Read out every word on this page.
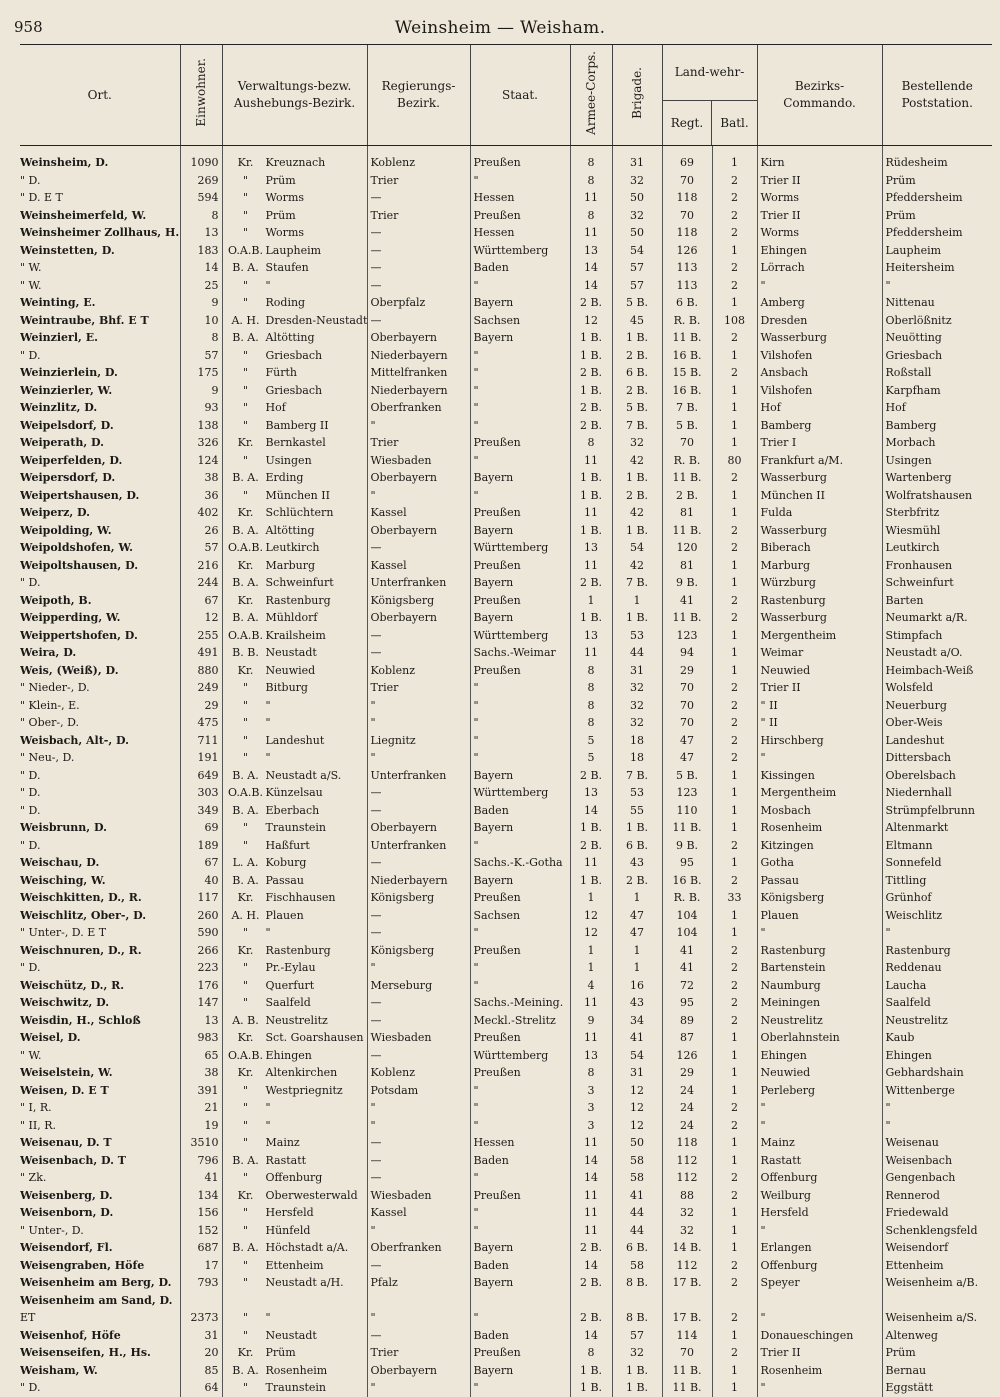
958	Weinsheim — Weisham.
Ort.	Einwohner.	Verwaltungs-bezw. Aushebungs-Bezirk.	Regierungs-Bezirk.	Staat.	Armee-Corps.	Brigade.	Land-wehr-
Regt. Batl.		Bezirks-Commando.	Bestellende Poststation.
Weinsheim, D.	1090	Kr. Kreuznach	Koblenz	Preußen	8	31	69	1	Kirn	Rüdesheim
" D.	269	" Prüm	Trier	"	8	32	70	2	Trier II	Prüm
" D. E T	594	" Worms	—	Hessen	11	50	118	2	Worms	Pfeddersheim
Weinsheimerfeld, W.	8	" Prüm	Trier	Preußen	8	32	70	2	Trier II	Prüm
Weinsheimer Zollhaus, H.	13	" Worms	—	Hessen	11	50	118	2	Worms	Pfeddersheim
Weinstetten, D.	183	O.A.B. Laupheim	—	Württemberg	13	54	126	1	Ehingen	Laupheim
" W.	14	B. A. Staufen	—	Baden	14	57	113	2	Lörrach	Heitersheim
" W.	25	" "	—	"	14	57	113	2	"	"
Weinting, E.	9	" Roding	Oberpfalz	Bayern	2 B.	5 B.	6 B.	1	Amberg	Nittenau
Weintraube, Bhf. E T	10	A. H. Dresden-Neustadt	—	Sachsen	12	45	R. B.	108	Dresden	Oberlößnitz
Weinzierl, E.	8	B. A. Altötting	Oberbayern	Bayern	1 B.	1 B.	11 B.	2	Wasserburg	Neuötting
" D.	57	" Griesbach	Niederbayern	"	1 B.	2 B.	16 B.	1	Vilshofen	Griesbach
Weinzierlein, D.	175	" Fürth	Mittelfranken	"	2 B.	6 B.	15 B.	2	Ansbach	Roßstall
Weinzierler, W.	9	" Griesbach	Niederbayern	"	1 B.	2 B.	16 B.	1	Vilshofen	Karpfham
Weinzlitz, D.	93	" Hof	Oberfranken	"	2 B.	5 B.	7 B.	1	Hof	Hof
Weipelsdorf, D.	138	" Bamberg II	"	"	2 B.	7 B.	5 B.	1	Bamberg	Bamberg
Weiperath, D.	326	Kr. Bernkastel	Trier	Preußen	8	32	70	1	Trier I	Morbach
Weiperfelden, D.	124	" Usingen	Wiesbaden	"	11	42	R. B.	80	Frankfurt a/M.	Usingen
Weipersdorf, D.	38	B. A. Erding	Oberbayern	Bayern	1 B.	1 B.	11 B.	2	Wasserburg	Wartenberg
Weipertshausen, D.	36	" München II	"	"	1 B.	2 B.	2 B.	1	München II	Wolfratshausen
Weiperz, D.	402	Kr. Schlüchtern	Kassel	Preußen	11	42	81	1	Fulda	Sterbfritz
Weipolding, W.	26	B. A. Altötting	Oberbayern	Bayern	1 B.	1 B.	11 B.	2	Wasserburg	Wiesmühl
Weipoldshofen, W.	57	O.A.B. Leutkirch	—	Württemberg	13	54	120	2	Biberach	Leutkirch
Weipoltshausen, D.	216	Kr. Marburg	Kassel	Preußen	11	42	81	1	Marburg	Fronhausen
" D.	244	B. A. Schweinfurt	Unterfranken	Bayern	2 B.	7 B.	9 B.	1	Würzburg	Schweinfurt
Weipoth, B.	67	Kr. Rastenburg	Königsberg	Preußen	1	1	41	2	Rastenburg	Barten
Weipperding, W.	12	B. A. Mühldorf	Oberbayern	Bayern	1 B.	1 B.	11 B.	2	Wasserburg	Neumarkt a/R.
Weippertshofen, D.	255	O.A.B. Krailsheim	—	Württemberg	13	53	123	1	Mergentheim	Stimpfach
Weira, D.	491	B. B. Neustadt	—	Sachs.-Weimar	11	44	94	1	Weimar	Neustadt a/O.
Weis, (Weiß), D.	880	Kr. Neuwied	Koblenz	Preußen	8	31	29	1	Neuwied	Heimbach-Weiß
" Nieder-, D.	249	" Bitburg	Trier	"	8	32	70	2	Trier II	Wolsfeld
" Klein-, E.	29	" "	"	"	8	32	70	2	" II	Neuerburg
" Ober-, D.	475	" "	"	"	8	32	70	2	" II	Ober-Weis
Weisbach, Alt-, D.	711	" Landeshut	Liegnitz	"	5	18	47	2	Hirschberg	Landeshut
" Neu-, D.	191	" "	"	"	5	18	47	2	"	Dittersbach
" D.	649	B. A. Neustadt a/S.	Unterfranken	Bayern	2 B.	7 B.	5 B.	1	Kissingen	Oberelsbach
" D.	303	O.A.B. Künzelsau	—	Württemberg	13	53	123	1	Mergentheim	Niedernhall
" D.	349	B. A. Eberbach	—	Baden	14	55	110	1	Mosbach	Strümpfelbrunn
Weisbrunn, D.	69	" Traunstein	Oberbayern	Bayern	1 B.	1 B.	11 B.	1	Rosenheim	Altenmarkt
" D.	189	" Haßfurt	Unterfranken	"	2 B.	6 B.	9 B.	2	Kitzingen	Eltmann
Weischau, D.	67	L. A. Koburg	—	Sachs.-K.-Gotha	11	43	95	1	Gotha	Sonnefeld
Weisching, W.	40	B. A. Passau	Niederbayern	Bayern	1 B.	2 B.	16 B.	2	Passau	Tittling
Weischkitten, D., R.	117	Kr. Fischhausen	Königsberg	Preußen	1	1	R. B.	33	Königsberg	Grünhof
Weischlitz, Ober-, D.	260	A. H. Plauen	—	Sachsen	12	47	104	1	Plauen	Weischlitz
" Unter-, D. E T	590	" "	—	"	12	47	104	1	"	"
Weischnuren, D., R.	266	Kr. Rastenburg	Königsberg	Preußen	1	1	41	2	Rastenburg	Rastenburg
" D.	223	" Pr.-Eylau	"	"	1	1	41	2	Bartenstein	Reddenau
Weischütz, D., R.	176	" Querfurt	Merseburg	"	4	16	72	2	Naumburg	Laucha
Weischwitz, D.	147	" Saalfeld	—	Sachs.-Meining.	11	43	95	2	Meiningen	Saalfeld
Weisdin, H., Schloß	13	A. B. Neustrelitz	—	Meckl.-Strelitz	9	34	89	2	Neustrelitz	Neustrelitz
Weisel, D.	983	Kr. Sct. Goarshausen	Wiesbaden	Preußen	11	41	87	1	Oberlahnstein	Kaub
" W.	65	O.A.B. Ehingen	—	Württemberg	13	54	126	1	Ehingen	Ehingen
Weiselstein, W.	38	Kr. Altenkirchen	Koblenz	Preußen	8	31	29	1	Neuwied	Gebhardshain
Weisen, D. E T	391	" Westpriegnitz	Potsdam	"	3	12	24	1	Perleberg	Wittenberge
" I, R.	21	" "	"	"	3	12	24	2	"	"
" II, R.	19	" "	"	"	3	12	24	2	"	"
Weisenau, D. T	3510	" Mainz	—	Hessen	11	50	118	1	Mainz	Weisenau
Weisenbach, D. T	796	B. A. Rastatt	—	Baden	14	58	112	1	Rastatt	Weisenbach
" Zk.	41	" Offenburg	—	"	14	58	112	2	Offenburg	Gengenbach
Weisenberg, D.	134	Kr. Oberwesterwald	Wiesbaden	Preußen	11	41	88	2	Weilburg	Rennerod
Weisenborn, D.	156	" Hersfeld	Kassel	"	11	44	32	1	Hersfeld	Friedewald
" Unter-, D.	152	" Hünfeld	"	"	11	44	32	1	"	Schenklengsfeld
Weisendorf, Fl.	687	B. A. Höchstadt a/A.	Oberfranken	Bayern	2 B.	6 B.	14 B.	1	Erlangen	Weisendorf
Weisengraben, Höfe	17	" Ettenheim	—	Baden	14	58	112	2	Offenburg	Ettenheim
Weisenheim am Berg, D.	793	" Neustadt a/H.	Pfalz	Bayern	2 B.	8 B.	17 B.	2	Speyer	Weisenheim a/B.
Weisenheim am Sand, D.										
ET	2373	" "	"	"	2 B.	8 B.	17 B.	2	"	Weisenheim a/S.
Weisenhof, Höfe	31	" Neustadt	—	Baden	14	57	114	1	Donaueschingen	Altenweg
Weisenseifen, H., Hs.	20	Kr. Prüm	Trier	Preußen	8	32	70	2	Trier II	Prüm
Weisham, W.	85	B. A. Rosenheim	Oberbayern	Bayern	1 B.	1 B.	11 B.	1	Rosenheim	Bernau
" D.	64	" Traunstein	"	"	1 B.	1 B.	11 B.	1	"	Eggstätt
